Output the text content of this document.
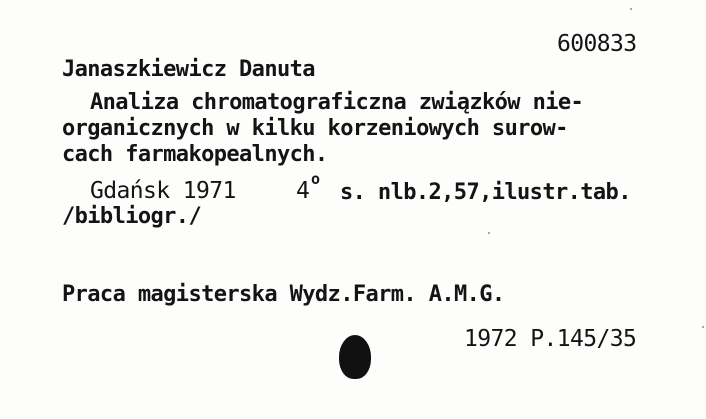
600833
Janaszkiewicz Danuta
Analiza chromatograficzna związków nie-
organicznych w kilku korzeniowych surow-
cach farmakopealnych.
Gdańsk 1971	4 o
s. nlb.2,57,ilustr.tab.
/bibliogr./
Praca magisterska Wydz.Farm. A.M.G.
1972 P.145/35
